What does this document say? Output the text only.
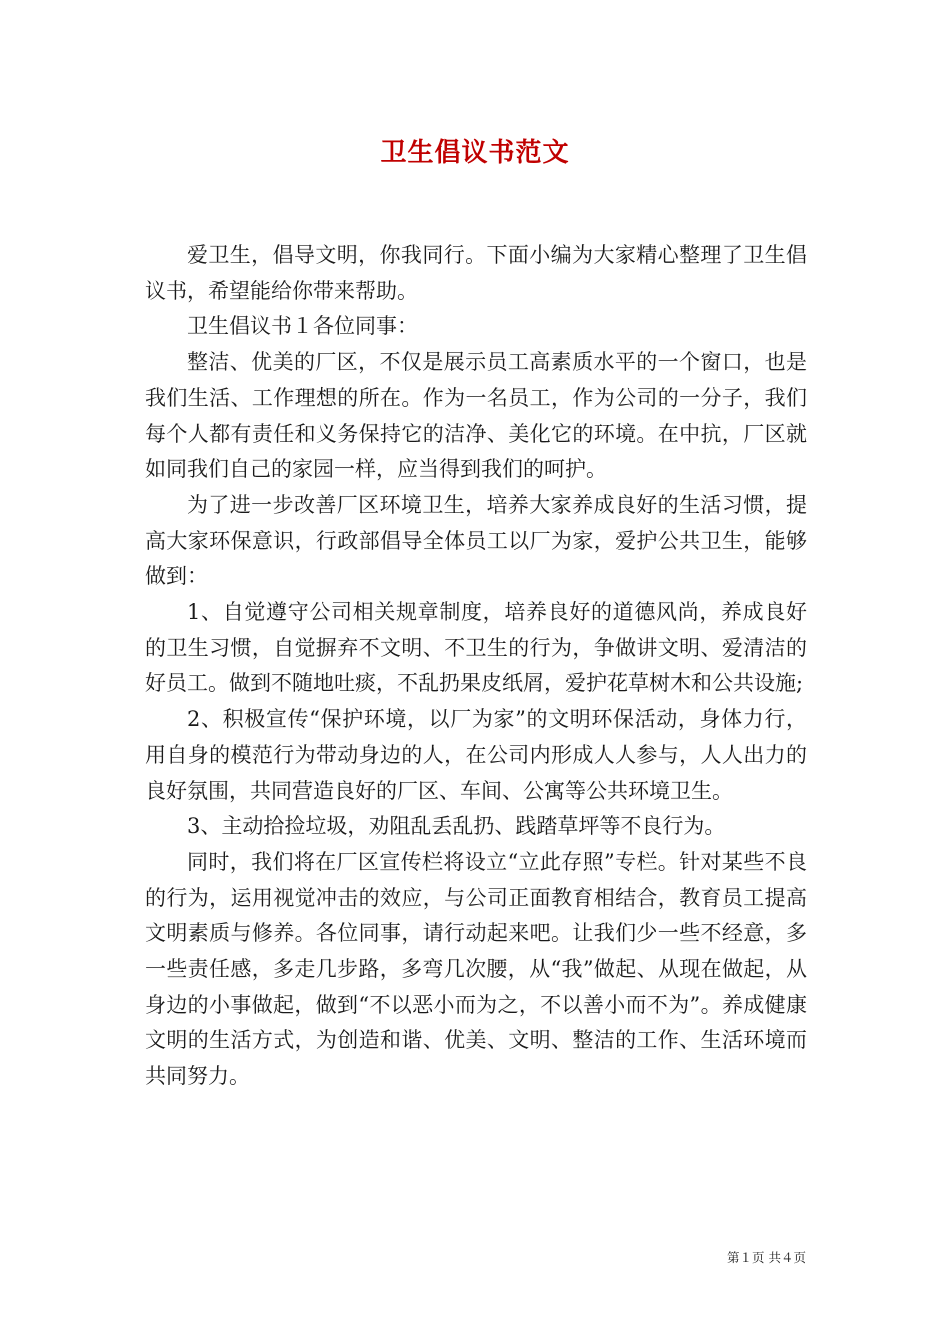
卫生倡议书范文

爱卫生，倡导文明，你我同行。下面小编为大家精心整理了卫生倡议书，希望能给你带来帮助。

卫生倡议书１各位同事：

整洁、优美的厂区，不仅是展示员工高素质水平的一个窗口，也是我们生活、工作理想的所在。作为一名员工，作为公司的一分子，我们每个人都有责任和义务保持它的洁净、美化它的环境。在中抗，厂区就如同我们自己的家园一样，应当得到我们的呵护。

为了进一步改善厂区环境卫生，培养大家养成良好的生活习惯，提高大家环保意识，行政部倡导全体员工以厂为家，爱护公共卫生，能够做到：

1、自觉遵守公司相关规章制度，培养良好的道德风尚，养成良好的卫生习惯，自觉摒弃不文明、不卫生的行为，争做讲文明、爱清洁的好员工。做到不随地吐痰，不乱扔果皮纸屑，爱护花草树木和公共设施;

2、积极宣传“保护环境，以厂为家”的文明环保活动，身体力行，用自身的模范行为带动身边的人，在公司内形成人人参与，人人出力的良好氛围，共同营造良好的厂区、车间、公寓等公共环境卫生。

3、主动拾捡垃圾，劝阻乱丢乱扔、践踏草坪等不良行为。

同时，我们将在厂区宣传栏将设立“立此存照”专栏。针对某些不良的行为，运用视觉冲击的效应，与公司正面教育相结合，教育员工提高文明素质与修养。各位同事，请行动起来吧。让我们少一些不经意，多一些责任感，多走几步路，多弯几次腰，从“我”做起、从现在做起，从身边的小事做起，做到“不以恶小而为之，不以善小而不为”。养成健康文明的生活方式，为创造和谐、优美、文明、整洁的工作、生活环境而共同努力。

第１页 共４页
